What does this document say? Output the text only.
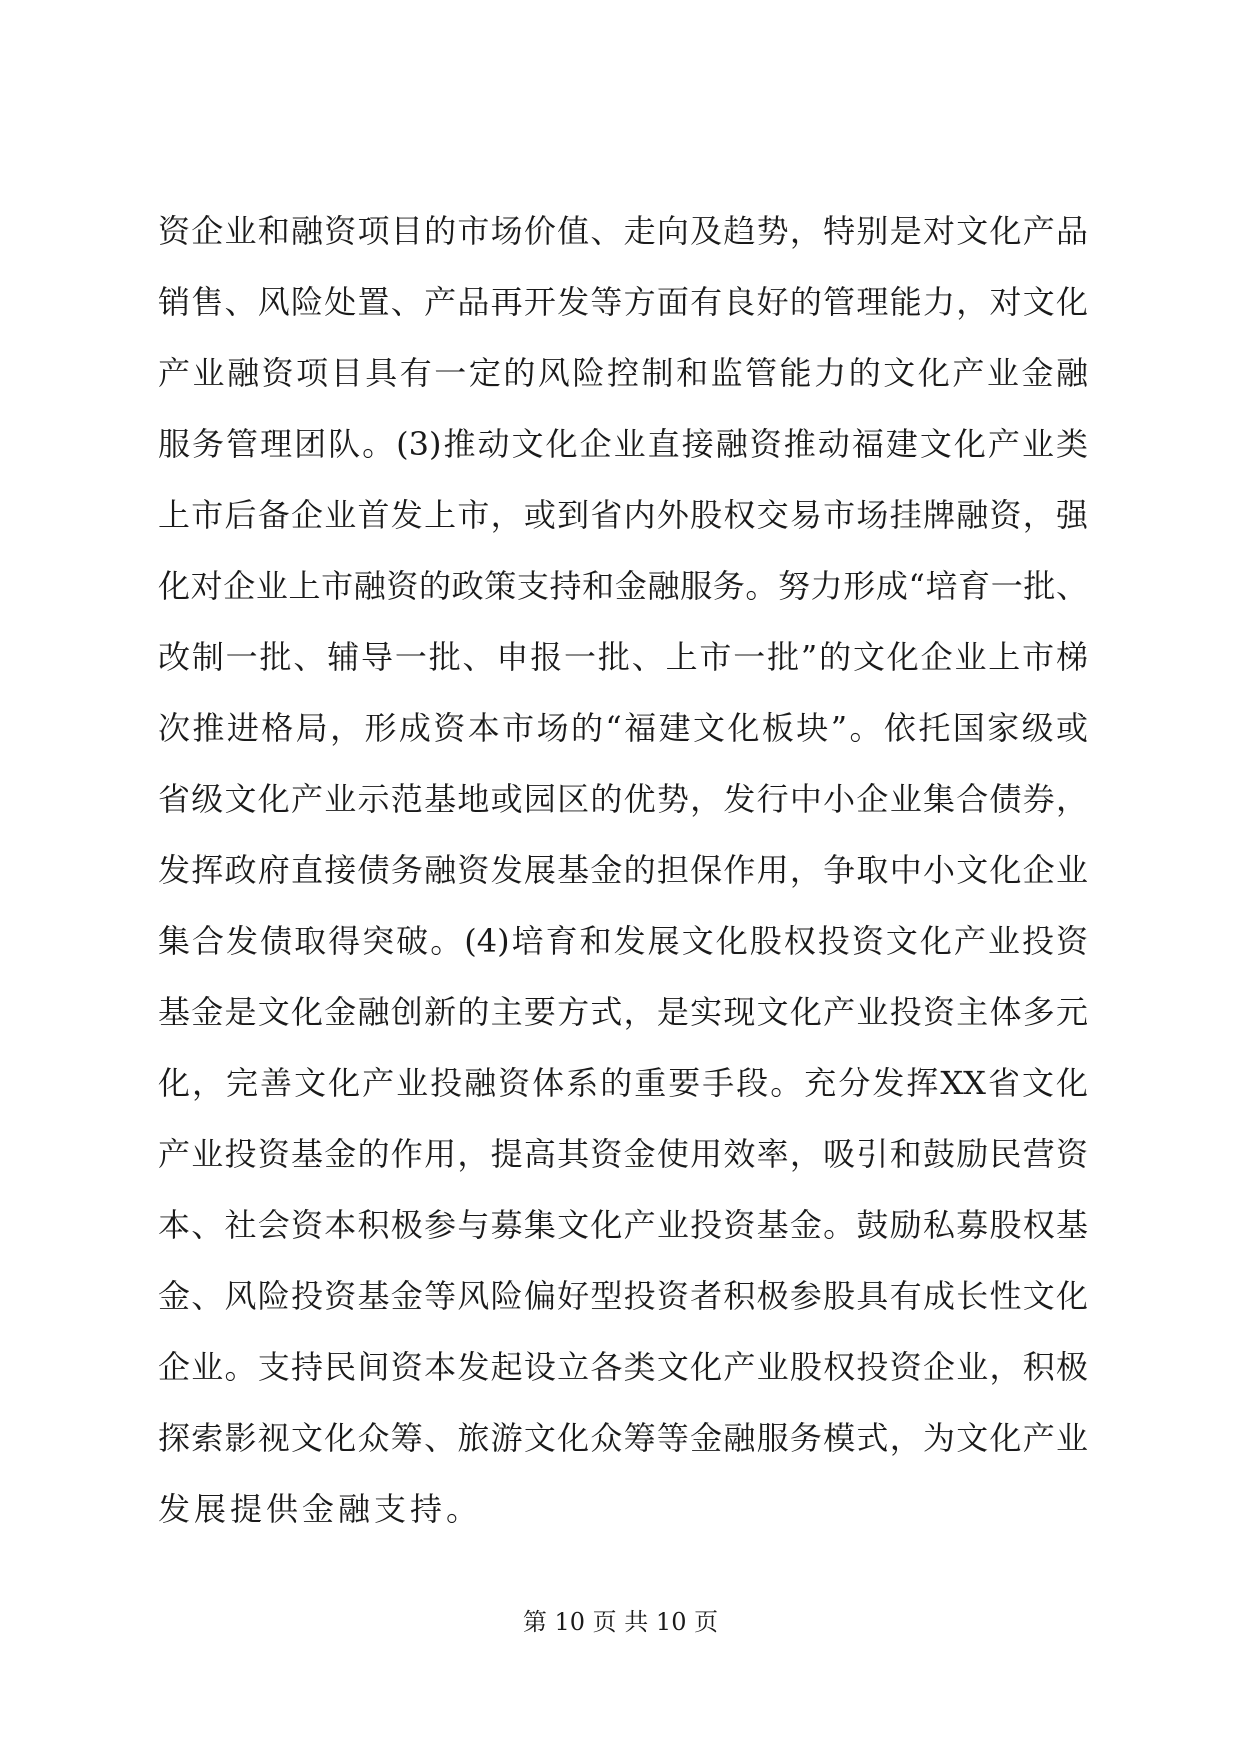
资企业和融资项目的市场价值、走向及趋势，特别是对文化产品
销售、风险处置、产品再开发等方面有良好的管理能力，对文化
产业融资项目具有一定的风险控制和监管能力的文化产业金融
服务管理团队。(3)推动文化企业直接融资推动福建文化产业类
上市后备企业首发上市，或到省内外股权交易市场挂牌融资，强
化对企业上市融资的政策支持和金融服务。努力形成“培育一批、
改制一批、辅导一批、申报一批、上市一批”的文化企业上市梯
次推进格局，形成资本市场的“福建文化板块”。依托国家级或
省级文化产业示范基地或园区的优势，发行中小企业集合债券，
发挥政府直接债务融资发展基金的担保作用，争取中小文化企业
集合发债取得突破。(4)培育和发展文化股权投资文化产业投资
基金是文化金融创新的主要方式，是实现文化产业投资主体多元
化，完善文化产业投融资体系的重要手段。充分发挥XX省文化
产业投资基金的作用，提高其资金使用效率，吸引和鼓励民营资
本、社会资本积极参与募集文化产业投资基金。鼓励私募股权基
金、风险投资基金等风险偏好型投资者积极参股具有成长性文化
企业。支持民间资本发起设立各类文化产业股权投资企业，积极
探索影视文化众筹、旅游文化众筹等金融服务模式，为文化产业
发展提供金融支持。
第 10 页 共 10 页
